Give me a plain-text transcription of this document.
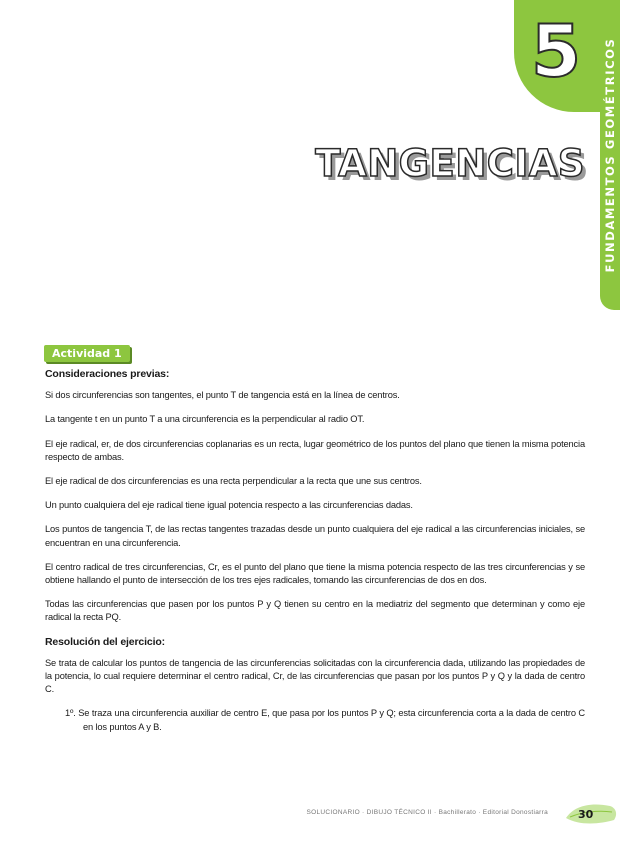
5	FUNDAMENTOS GEOMÉTRICOS
TANGENCIAS
Actividad 1

Consideraciones previas:

Si dos circunferencias son tangentes, el punto T de tangencia está en la línea de centros.

La tangente t en un punto T a una circunferencia es la perpendicular al radio OT.

El eje radical, er, de dos circunferencias coplanarias es un recta, lugar geométrico de los puntos del plano que tienen la misma potencia respecto de ambas.

El eje radical de dos circunferencias es una recta perpendicular a la recta que une sus centros.

Un punto cualquiera del eje radical tiene igual potencia respecto a las circunferencias dadas.

Los puntos de tangencia T, de las rectas tangentes trazadas desde un punto cualquiera del eje radical a las circunferencias iniciales, se encuentran en una circunferencia.

El centro radical de tres circunferencias, Cr, es el punto del plano que tiene la misma potencia respecto de las tres circunferencias y se obtiene hallando el punto de intersección de los tres ejes radicales, tomando las circunferencias de dos en dos.

Todas las circunferencias que pasen por los puntos P y Q tienen su centro en la mediatriz del segmento que determinan y como eje radical la recta PQ.

Resolución del ejercicio:

Se trata de calcular los puntos de tangencia de las circunferencias solicitadas con la circunferencia dada, utilizando las propiedades de la potencia, lo cual requiere determinar el centro radical, Cr, de las circunferencias que pasan por los puntos P y Q y la dada de centro C.

1º. Se traza una circunferencia auxiliar de centro E, que pasa por los puntos P y Q; esta circunferencia corta a la dada de centro C en los puntos A y B.

SOLUCIONARIO · DIBUJO TÉCNICO II · Bachillerato · Editorial Donostiarra	30
